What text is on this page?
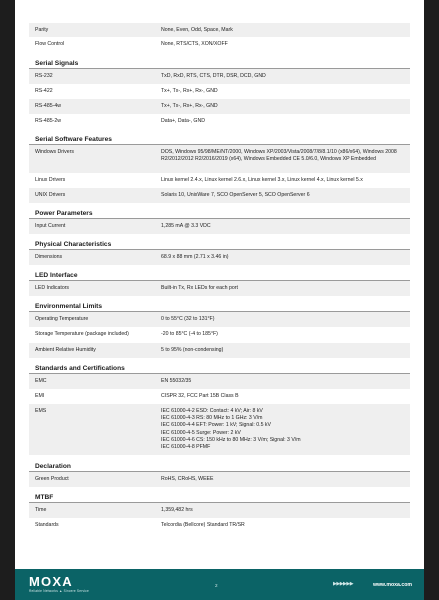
Parity	None, Even, Odd, Space, Mark
Flow Control	None, RTS/CTS, XON/XOFF
Serial Signals
RS-232	TxD, RxD, RTS, CTS, DTR, DSR, DCD, GND
RS-422	Tx+, Tx-, Rx+, Rx-, GND
RS-485-4w	Tx+, Tx-, Rx+, Rx-, GND
RS-485-2w	Data+, Data-, GND
Serial Software Features
Windows Drivers	DOS, Windows 95/98/ME/NT/2000, Windows XP/2003/Vista/2008/7/8/8.1/10 (x86/x64), Windows 2008 R2/2012/2012 R2/2016/2019 (x64), Windows Embedded CE 5.0/6.0, Windows XP Embedded
Linux Drivers	Linux kernel 2.4.x, Linux kernel 2.6.x, Linux kernel 3.x, Linux kernel 4.x, Linux kernel 5.x
UNIX Drivers	Solaris 10, UnixWare 7, SCO OpenServer 5, SCO OpenServer 6
Power Parameters
Input Current	1,285 mA @ 3.3 VDC
Physical Characteristics
Dimensions	68.9 x 88 mm (2.71 x 3.46 in)
LED Interface
LED Indicators	Built-in Tx, Rx LEDs for each port
Environmental Limits
Operating Temperature	0 to 55°C (32 to 131°F)
Storage Temperature (package included)	-20 to 85°C (-4 to 185°F)
Ambient Relative Humidity	5 to 95% (non-condensing)
Standards and Certifications
EMC	EN 55032/35
EMI	CISPR 32, FCC Part 15B Class B
EMS	IEC 61000-4-2 ESD: Contact: 4 kV; Air: 8 kV
IEC 61000-4-3 RS: 80 MHz to 1 GHz: 3 V/m
IEC 61000-4-4 EFT: Power: 1 kV; Signal: 0.5 kV
IEC 61000-4-5 Surge: Power: 2 kV
IEC 61000-4-6 CS: 150 kHz to 80 MHz: 3 V/m; Signal: 3 V/m
IEC 61000-4-8 PFMF
Declaration
Green Product	RoHS, CRoHS, WEEE
MTBF
Time	1,359,482 hrs
Standards	Telcordia (Bellcore) Standard TR/SR
MOXA
Reliable Networks ▲ Sincere Service
2	▶▶▶▶▶▶	www.moxa.com
